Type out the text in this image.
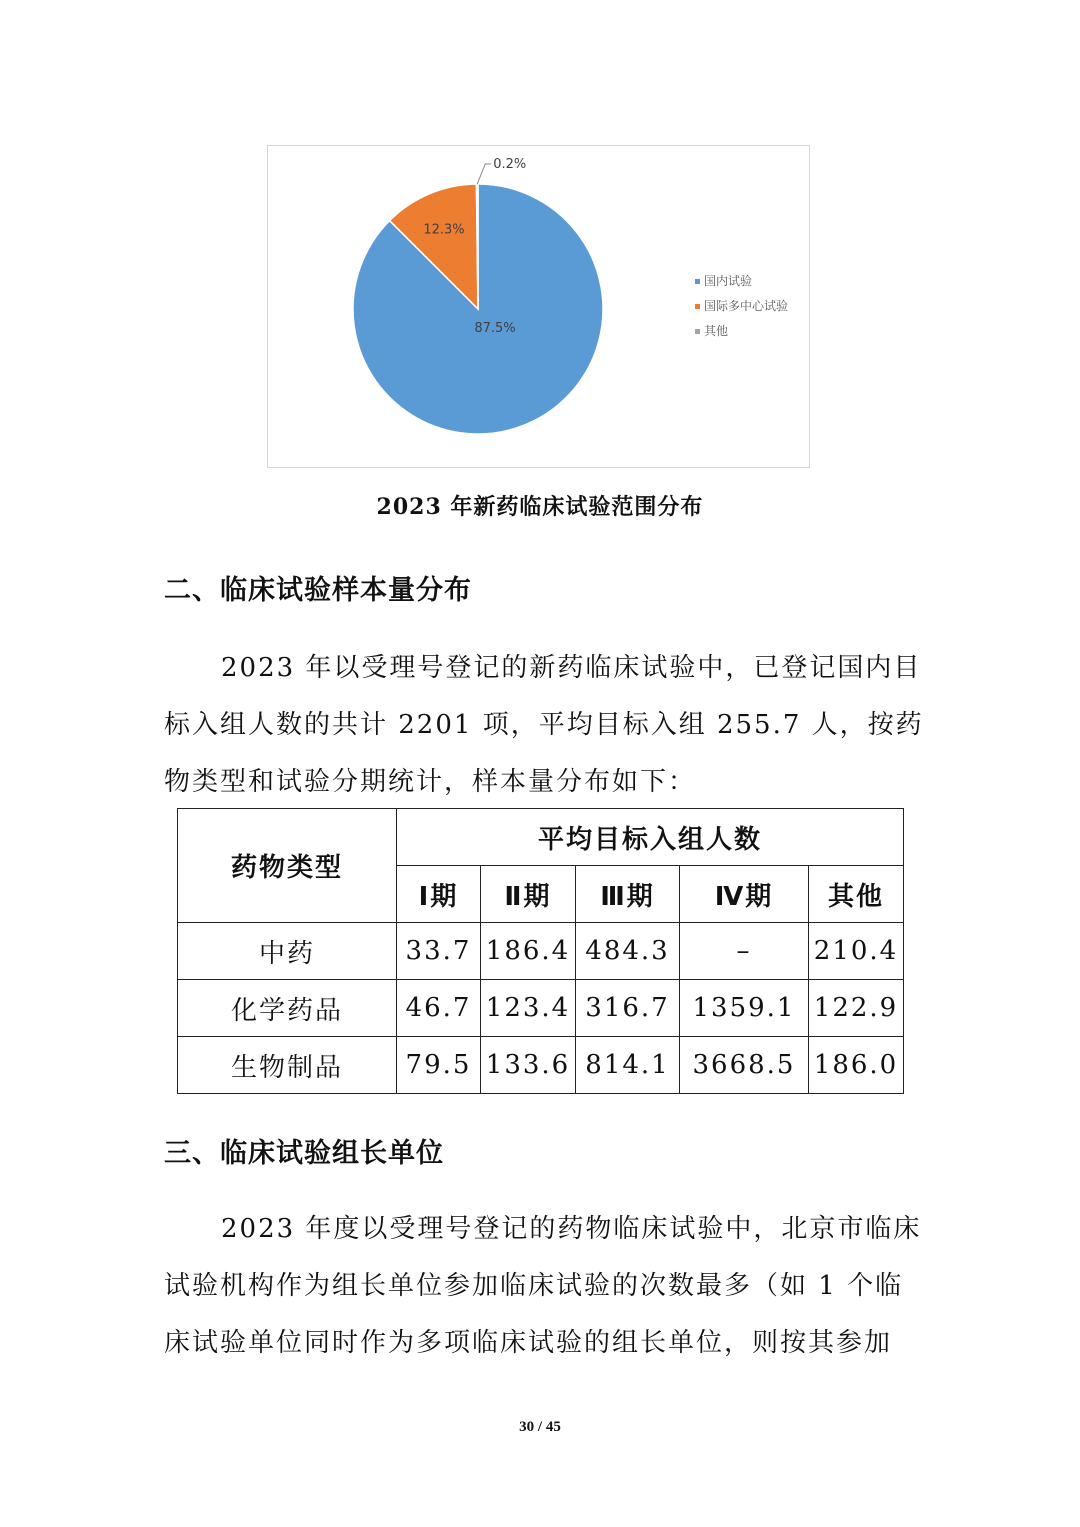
87.5%
12.3%
0.2%
国内试验
国际多中心试验
其他
2023 年新药临床试验范围分布
二、临床试验样本量分布
2023 年以受理号登记的新药临床试验中，已登记国内目
标入组人数的共计 2201 项，平均目标入组 255.7 人，按药
物类型和试验分期统计，样本量分布如下：
药物类型	平均目标入组人数				
	Ⅰ期	Ⅱ期	Ⅲ期	Ⅳ期	其他
中药	33.7	186.4	484.3	–	210.4
化学药品	46.7	123.4	316.7	1359.1	122.9
生物制品	79.5	133.6	814.1	3668.5	186.0
三、临床试验组长单位
2023 年度以受理号登记的药物临床试验中，北京市临床
试验机构作为组长单位参加临床试验的次数最多（如 1 个临
床试验单位同时作为多项临床试验的组长单位，则按其参加
30 / 45
